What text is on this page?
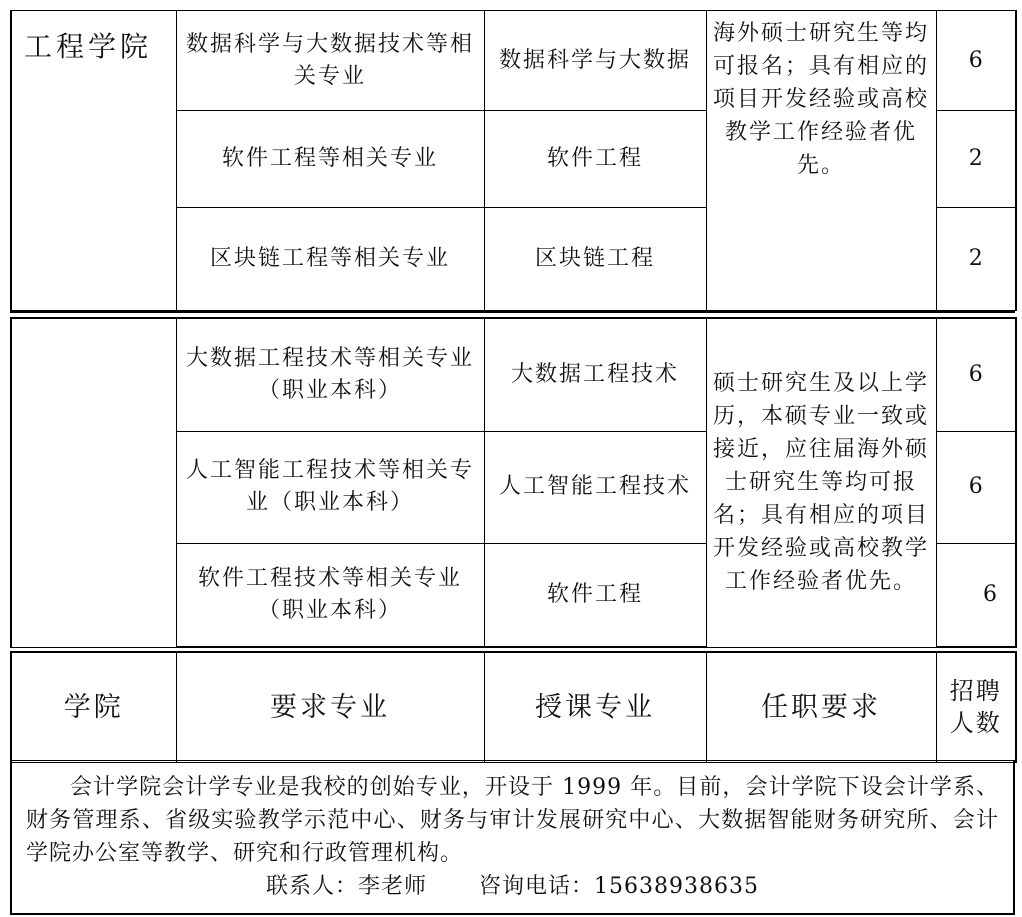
工程学院	数据科学与大数据技术等相关专业	数据科学与大数据	海外硕士研究生等均可报名；具有相应的项目开发经验或高校教学工作经验者优先。	6
	软件工程等相关专业	软件工程		2
	区块链工程等相关专业	区块链工程		2
	大数据工程技术等相关专业（职业本科）	大数据工程技术	硕士研究生及以上学历，本硕专业一致或接近，应往届海外硕士研究生等均可报名；具有相应的项目开发经验或高校教学工作经验者优先。	6
	人工智能工程技术等相关专业（职业本科）	人工智能工程技术		6
	软件工程技术等相关专业（职业本科）	软件工程		6
学院	要求专业	授课专业	任职要求	招聘人数

会计学院会计学专业是我校的创始专业，开设于 1999 年。目前，会计学院下设会计学系、财务管理系、省级实验教学示范中心、财务与审计发展研究中心、大数据智能财务研究所、会计学院办公室等教学、研究和行政管理机构。

联系人：李老师 咨询电话：15638938635
